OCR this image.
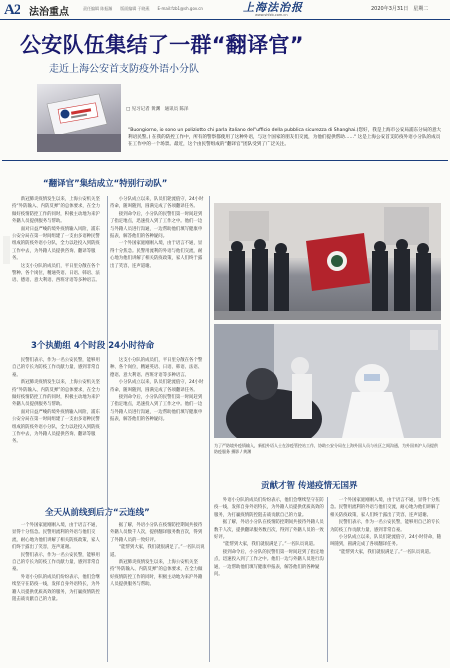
A2 法治重点	责任编辑 陈振瀚　　版面编辑 于晓燕　　E-mail:fzb1@sh.gov.cn	上海法治报
www.shfzb.com.cn
2020年3月31日　星期二
公安队伍集结了一群“翻译官”
走近上海公安首支防疫外语小分队
□ 见习记者 黄渊　通讯员 陈泽
“Buongiorno, io sono un poliziotto chi parla italiano del"ufficio della pubblica sicurezza di Shanghai.(您好，我是上海市公安局浦东分局的意大利语民警。) 在我的防控工作中，所有的警察都使用了这种外语，与这个国家的朋友们交流，为他们提供帮助……" 这是上海公安首支防疫外语小分队的成员在工作中的一个场景。最近，这个由民警组成的“翻译官”团队受到了广泛关注。
“翻译官”集结成立“特别行动队”

新冠肺炎疫情发生以来，上海公安机关坚持“外防输入、内防反弹”的总体要求，在全力做好疫情防控工作的同时，积极主动地为来沪外籍人员提供服务与帮助。

面对日益严峻的境外疫情输入风险，浦东公安分局在第一时间组建了一支由多语种民警组成的防疫外语小分队，全力以赴投入到防疫工作中去，为外籍人员提供咨询、翻译等服务。

这支小分队的成员们，平日里分散在各个警种、各个岗位，精通英语、日语、韩语、法语、德语、意大利语、西班牙语等多种语言。

小分队成立以来，队员们轮流值守，24小时待命，随叫随到，圆满完成了各项翻译任务。

接到命令后，小分队的民警们第一时间赶到了指定地点，迅速投入到了工作之中。他们一边与外籍人员进行沟通，一边帮助他们填写健康申报表，解答他们的各种疑问。

一个外国家庭刚刚入境，由于语言不通，显得十分焦急。民警用流利的外语与他们交流，耐心地为他们讲解了相关防疫政策，家人们终于露出了笑容，连声道谢。

3个执勤组 4个时段 24小时待命

民警们表示，作为一名公安民警，能够用自己的专长为防疫工作贡献力量，感到非常自豪。

新冠肺炎疫情发生以来，上海公安机关坚持“外防输入、内防反弹”的总体要求，在全力做好疫情防控工作的同时，积极主动地为来沪外籍人员提供服务与帮助。

面对日益严峻的境外疫情输入风险，浦东公安分局在第一时间组建了一支由多语种民警组成的防疫外语小分队，全力以赴投入到防疫工作中去，为外籍人员提供咨询、翻译等服务。

这支小分队的成员们，平日里分散在各个警种、各个岗位，精通英语、日语、韩语、法语、德语、意大利语、西班牙语等多种语言。

小分队成立以来，队员们轮流值守，24小时待命，随叫随到，圆满完成了各项翻译任务。

接到命令后，小分队的民警们第一时间赶到了指定地点，迅速投入到了工作之中。他们一边与外籍人员进行沟通，一边帮助他们填写健康申报表，解答他们的各种疑问。

为了严防境外疫情输入，新组外语人士在涉疫管控站工作，协助公安分局在上海外国人员与社区之间沟通，为外国来沪人员提供防疫服务 摄影 / 黄渊
全天从前线到后方“云连线”

一个外国家庭刚刚入境，由于语言不通，显得十分焦急。民警用流利的外语与他们交流，耐心地为他们讲解了相关防疫政策，家人们终于露出了笑容，连声道谢。

民警们表示，作为一名公安民警，能够用自己的专长为防疫工作贡献力量，感到非常自豪。

外语小分队的成员们纷纷表示，他们会继续坚守在防疫一线，发挥自身外语特长，为外籍人员提供优质高效的服务，为打赢疫情防控阻击战贡献自己的力量。

据了解，外语小分队在疫情防控期间共接待外籍人员数千人次，提供翻译服务数百次，得到了外籍人员的一致好评。

“能帮到大家，我们就很满足了。”一名队员说道。

新冠肺炎疫情发生以来，上海公安机关坚持“外防输入、内防反弹”的总体要求，在全力做好疫情防控工作的同时，积极主动地为来沪外籍人员提供服务与帮助。

贡献才智 传递疫情无国界

外语小分队的成员们纷纷表示，他们会继续坚守在防疫一线，发挥自身外语特长，为外籍人员提供优质高效的服务，为打赢疫情防控阻击战贡献自己的力量。

据了解，外语小分队在疫情防控期间共接待外籍人员数千人次，提供翻译服务数百次，得到了外籍人员的一致好评。

“能帮到大家，我们就很满足了。”一名队员说道。

接到命令后，小分队的民警们第一时间赶到了指定地点，迅速投入到了工作之中。他们一边与外籍人员进行沟通，一边帮助他们填写健康申报表，解答他们的各种疑问。

一个外国家庭刚刚入境，由于语言不通，显得十分焦急。民警用流利的外语与他们交流，耐心地为他们讲解了相关防疫政策，家人们终于露出了笑容，连声道谢。

民警们表示，作为一名公安民警，能够用自己的专长为防疫工作贡献力量，感到非常自豪。

小分队成立以来，队员们轮流值守，24小时待命，随叫随到，圆满完成了各项翻译任务。

“能帮到大家，我们就很满足了。”一名队员说道。
